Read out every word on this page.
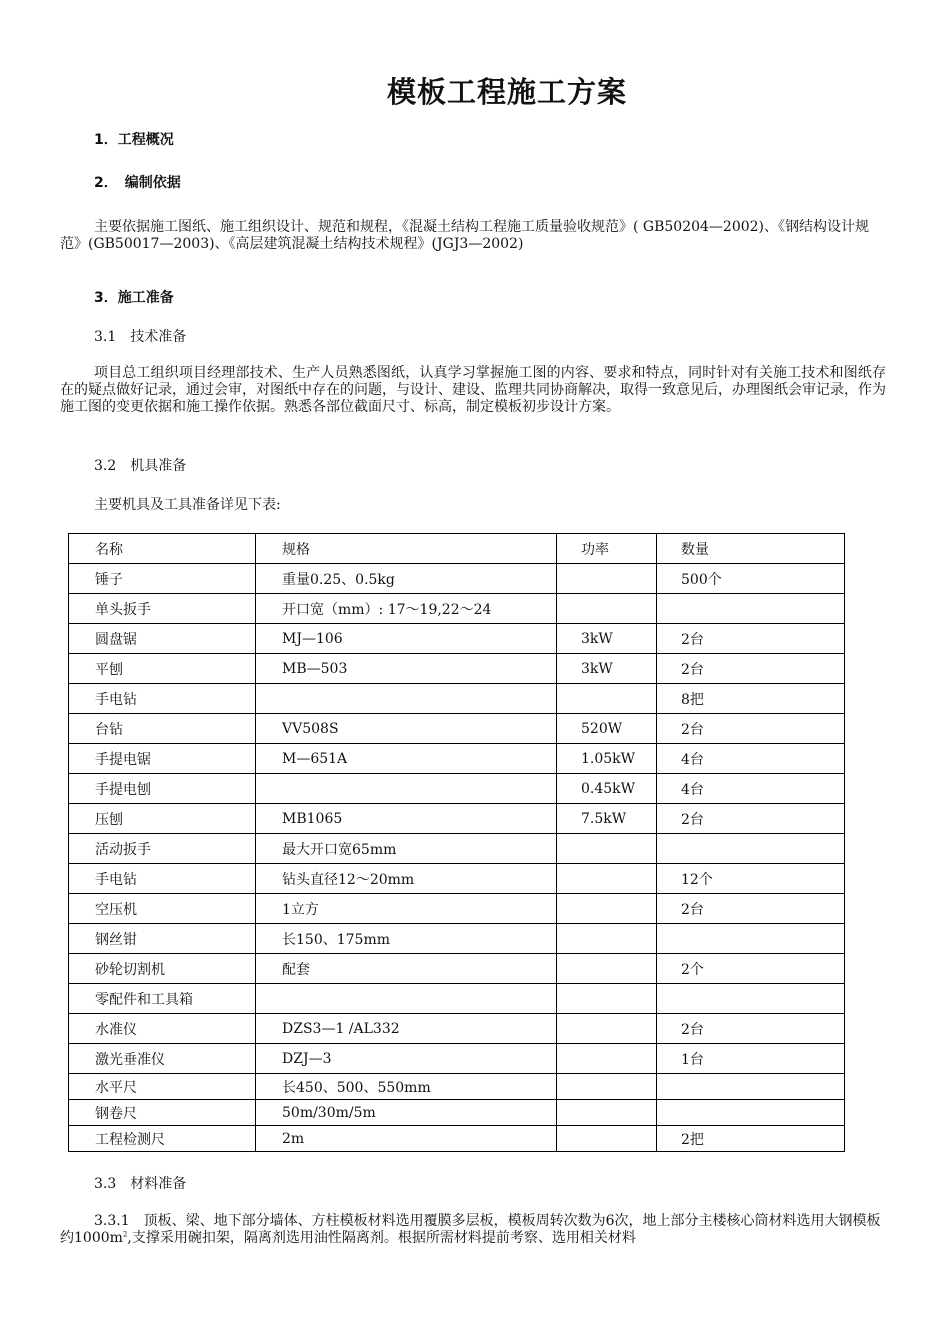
模板工程施工方案
1．工程概况
2．　编制依据
主要依据施工图纸、施工组织设计、规范和规程，《混凝土结构工程施工质量验收规范》( GB50204—2002)、《钢结构设计规范》(GB50017—2003)、《高层建筑混凝土结构技术规程》(JGJ3—2002)
3．施工准备
3.1　技术准备
项目总工组织项目经理部技术、生产人员熟悉图纸，认真学习掌握施工图的内容、要求和特点，同时针对有关施工技术和图纸存在的疑点做好记录，通过会审，对图纸中存在的问题，与设计、建设、监理共同协商解决，取得一致意见后，办理图纸会审记录，作为施工图的变更依据和施工操作依据。熟悉各部位截面尺寸、标高，制定模板初步设计方案。
3.2　机具准备
主要机具及工具准备详见下表:
名称	规格	功率	数量
锤子	重量0.25、0.5kg		500个
单头扳手	开口宽（mm）: 17～19,22～24		
圆盘锯	MJ—106	3kW	2台
平刨	MB—503	3kW	2台
手电钻			8把
台钻	VV508S	520W	2台
手提电锯	M—651A	1.05kW	4台
手提电刨		0.45kW	4台
压刨	MB1065	7.5kW	2台
活动扳手	最大开口宽65mm		
手电钻	钻头直径12～20mm		12个
空压机	1立方		2台
钢丝钳	长150、175mm		
砂轮切割机	配套		2个
零配件和工具箱			
水准仪	DZS3—1 /AL332		2台
激光垂准仪	DZJ—3		1台
水平尺	长450、500、550mm		
钢卷尺	50m/30m/5m		
工程检测尺	2m		2把
3.3　材料准备
3.3.1　顶板、梁、地下部分墙体、方柱模板材料选用覆膜多层板，模板周转次数为6次，地上部分主楼核心筒材料选用大钢模板约$1000m^2$,支撑采用碗扣架，隔离剂选用油性隔离剂。根据所需材料提前考察、选用相关材料
